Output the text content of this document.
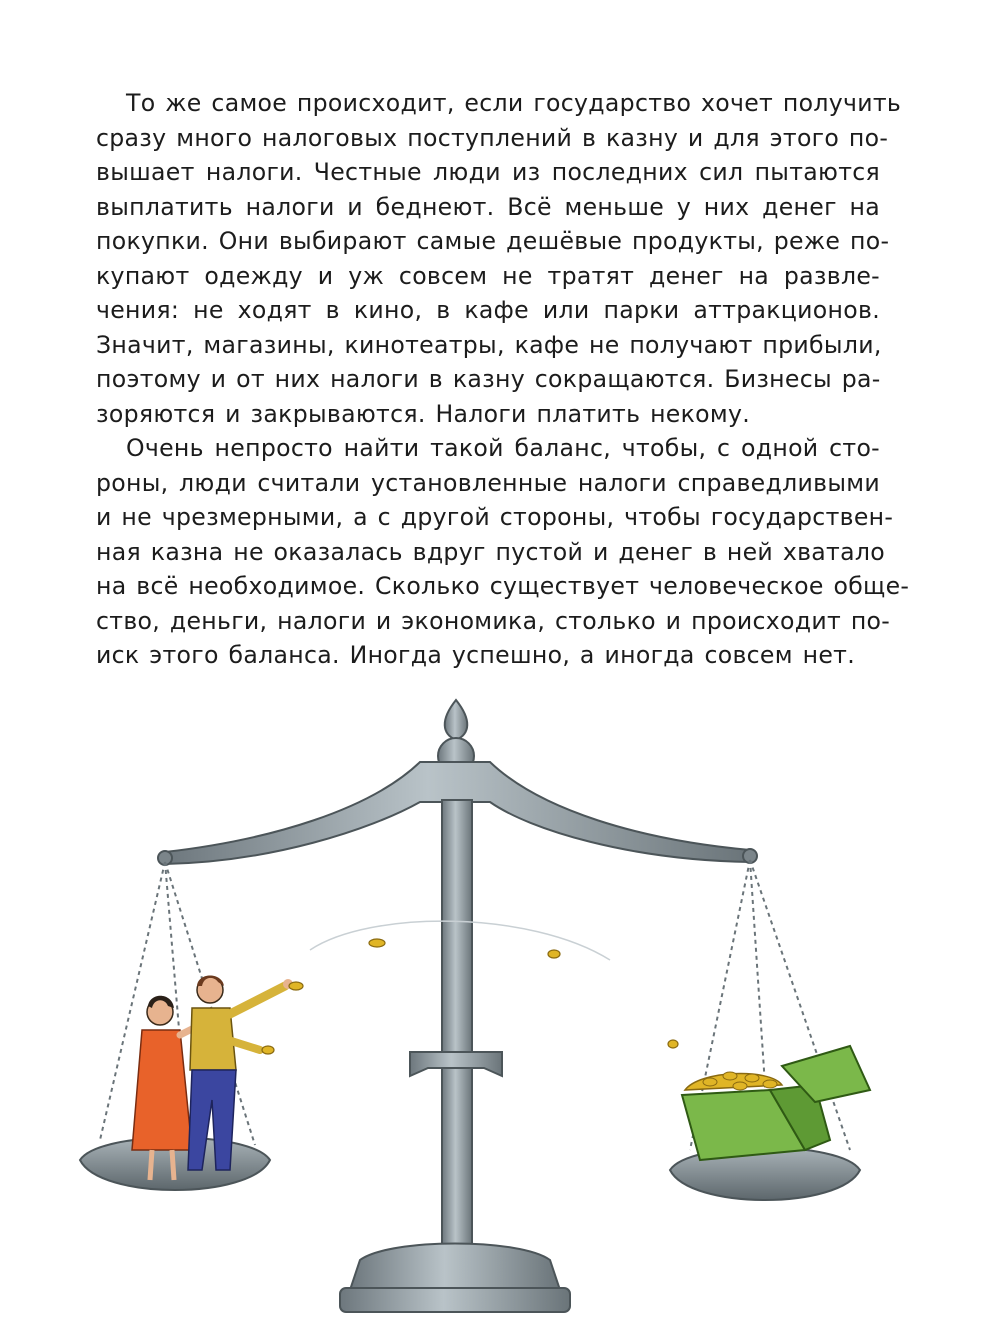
То же самое происходит, если государство хочет получить
сразу много налоговых поступлений в казну и для этого по-
вышает налоги. Честные люди из последних сил пытаются
выплатить налоги и беднеют. Всё меньше у них денег на
покупки. Они выбирают самые дешёвые продукты, реже по-
купают одежду и уж совсем не тратят денег на развле-
чения: не ходят в кино, в кафе или парки аттракционов.
Значит, магазины, кинотеатры, кафе не получают прибыли,
поэтому и от них налоги в казну сокращаются. Бизнесы ра-
зоряются и закрываются. Налоги платить некому.

Очень непросто найти такой баланс, чтобы, с одной сто-
роны, люди считали установленные налоги справедливыми
и не чрезмерными, а с другой стороны, чтобы государствен-
ная казна не оказалась вдруг пустой и денег в ней хватало
на всё необходимое. Сколько существует человеческое обще-
ство, деньги, налоги и экономика, столько и происходит по-
иск этого баланса. Иногда успешно, а иногда совсем нет.
